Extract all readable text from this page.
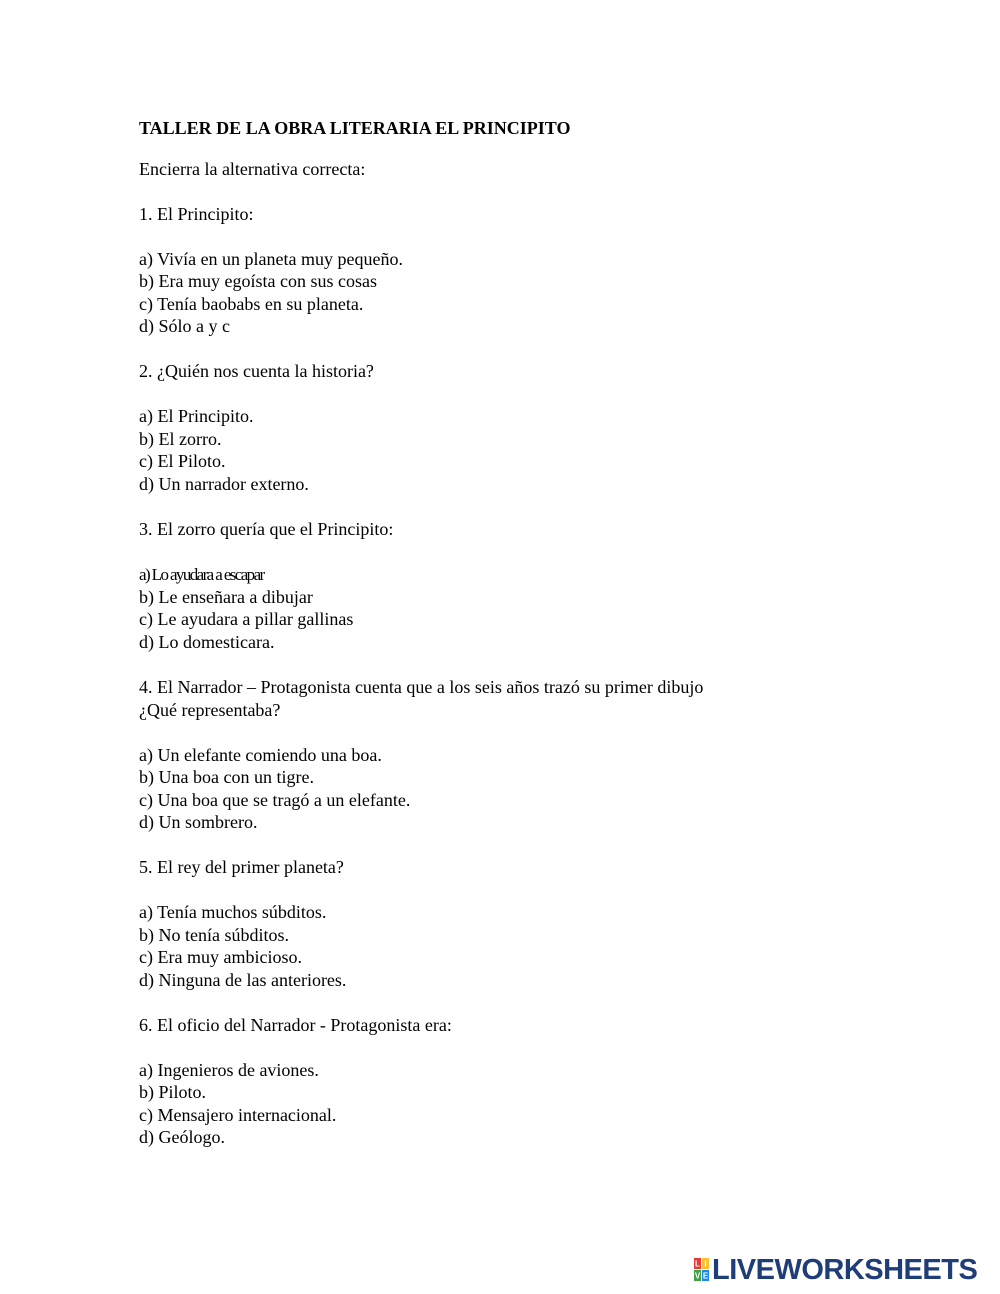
TALLER DE LA OBRA LITERARIA EL PRINCIPITO
Encierra la alternativa correcta:
1. El Principito:
a) Vivía en un planeta muy pequeño.
b) Era muy egoísta con sus cosas
c) Tenía baobabs en su planeta.
d) Sólo a y c
2. ¿Quién nos cuenta la historia?
a) El Principito.
b) El zorro.
c) El Piloto.
d) Un narrador externo.
3. El zorro quería que el Principito:
a) Lo ayudara a escapar
b) Le enseñara a dibujar
c) Le ayudara a pillar gallinas
d) Lo domesticara.
4. El Narrador – Protagonista cuenta que a los seis años trazó su primer dibujo
¿Qué representaba?
a) Un elefante comiendo una boa.
b) Una boa con un tigre.
c) Una boa que se tragó a un elefante.
d) Un sombrero.
5. El rey del primer planeta?
a) Tenía muchos súbditos.
b) No tenía súbditos.
c) Era muy ambicioso.
d) Ninguna de las anteriores.
6. El oficio del Narrador - Protagonista era:
a) Ingenieros de aviones.
b) Piloto.
c) Mensajero internacional.
d) Geólogo.
L I
V E LIVEWORKSHEETS
